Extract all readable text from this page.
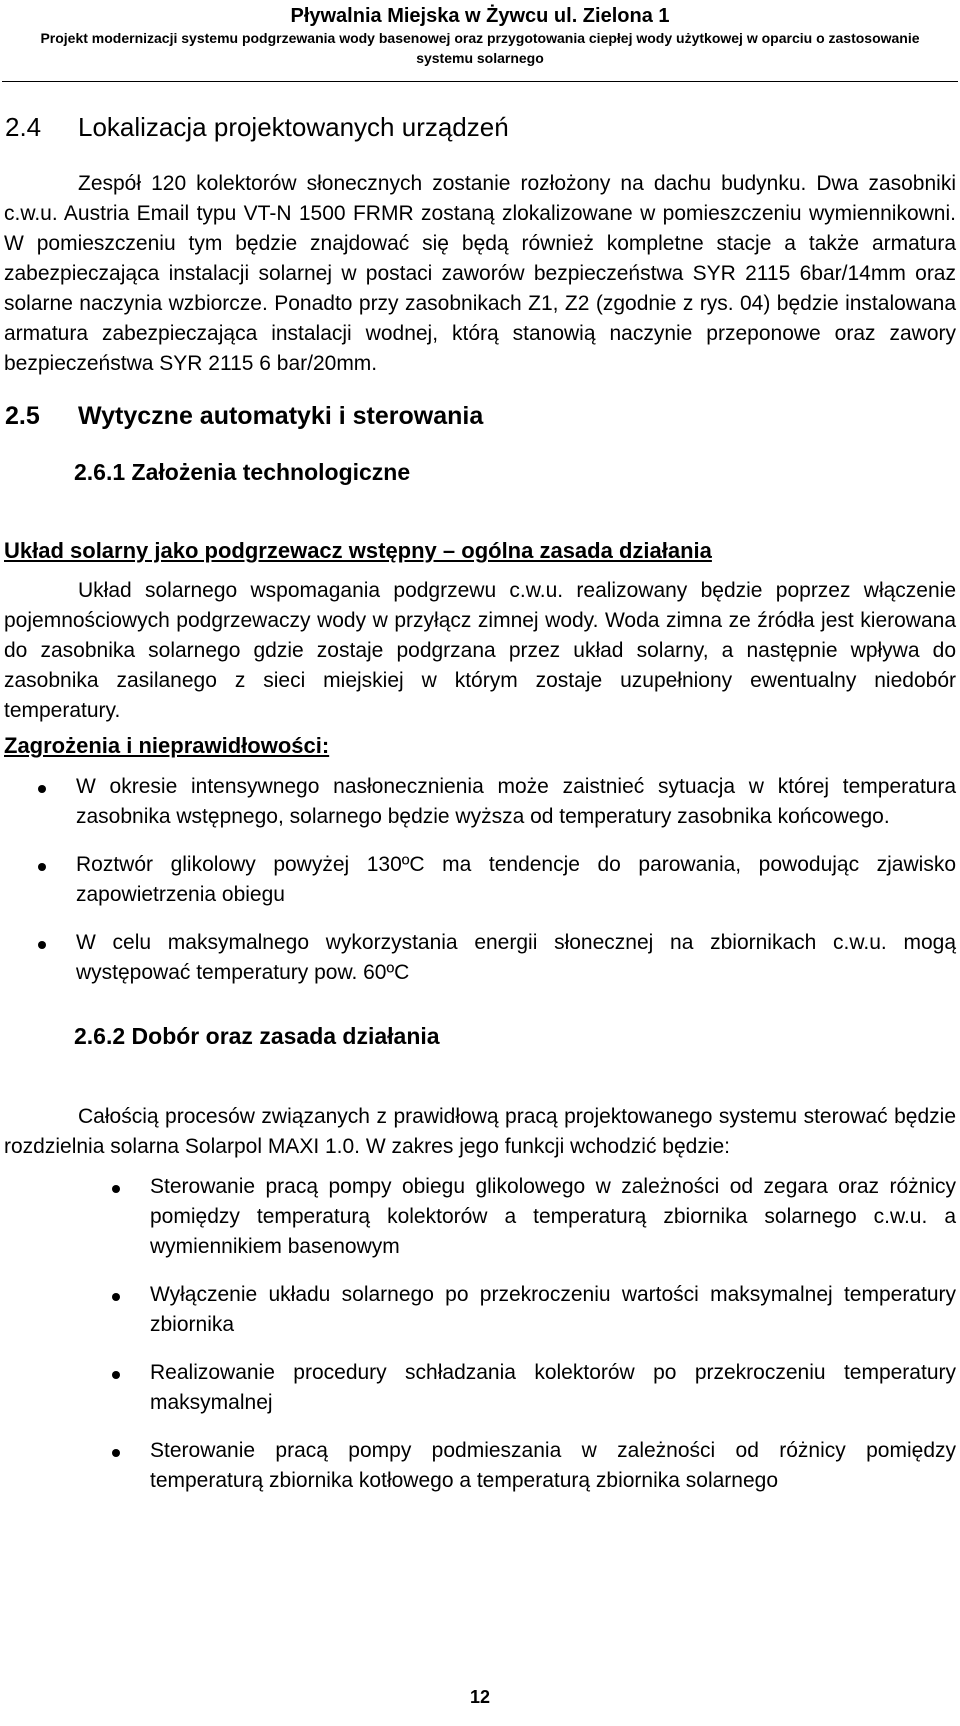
Pływalnia Miejska w Żywcu ul. Zielona 1
Projekt modernizacji systemu podgrzewania wody basenowej oraz przygotowania ciepłej wody użytkowej w oparciu o zastosowanie systemu solarnego
2.4 Lokalizacja projektowanych urządzeń

Zespół 120 kolektorów słonecznych zostanie rozłożony na dachu budynku. Dwa zasobniki c.w.u. Austria Email typu VT-N 1500 FRMR zostaną zlokalizowane w pomieszczeniu wymiennikowni. W pomieszczeniu tym będzie znajdować się będą również kompletne stacje a także armatura zabezpieczająca instalacji solarnej w postaci zaworów bezpieczeństwa SYR 2115 6bar/14mm oraz solarne naczynia wzbiorcze. Ponadto przy zasobnikach Z1, Z2 (zgodnie z rys. 04) będzie instalowana armatura zabezpieczająca instalacji wodnej, którą stanowią naczynie przeponowe oraz zawory bezpieczeństwa SYR 2115 6 bar/20mm.

2.5 Wytyczne automatyki i sterowania
2.6.1 Założenia technologiczne
Układ solarny jako podgrzewacz wstępny – ogólna zasada działania

Układ solarnego wspomagania podgrzewu c.w.u. realizowany będzie poprzez włączenie pojemnościowych podgrzewaczy wody w przyłącz zimnej wody. Woda zimna ze źródła jest kierowana do zasobnika solarnego gdzie zostaje podgrzana przez układ solarny, a następnie wpływa do zasobnika zasilanego z sieci miejskiej w którym zostaje uzupełniony ewentualny niedobór temperatury.

Zagrożenia i nieprawidłowości:
W okresie intensywnego nasłonecznienia może zaistnieć sytuacja w której temperatura zasobnika wstępnego, solarnego będzie wyższa od temperatury zasobnika końcowego.
Roztwór glikolowy powyżej 130ºC ma tendencje do parowania, powodując zjawisko zapowietrzenia obiegu
W celu maksymalnego wykorzystania energii słonecznej na zbiornikach c.w.u. mogą występować temperatury pow. 60ºC
2.6.2 Dobór oraz zasada działania

Całością procesów związanych z prawidłową pracą projektowanego systemu sterować będzie rozdzielnia solarna Solarpol MAXI 1.0. W zakres jego funkcji wchodzić będzie:

Sterowanie pracą pompy obiegu glikolowego w zależności od zegara oraz różnicy pomiędzy temperaturą kolektorów a temperaturą zbiornika solarnego c.w.u. a wymiennikiem basenowym
Wyłączenie układu solarnego po przekroczeniu wartości maksymalnej temperatury zbiornika
Realizowanie procedury schładzania kolektorów po przekroczeniu temperatury maksymalnej
Sterowanie pracą pompy podmieszania w zależności od różnicy pomiędzy temperaturą zbiornika kotłowego a temperaturą zbiornika solarnego
12
